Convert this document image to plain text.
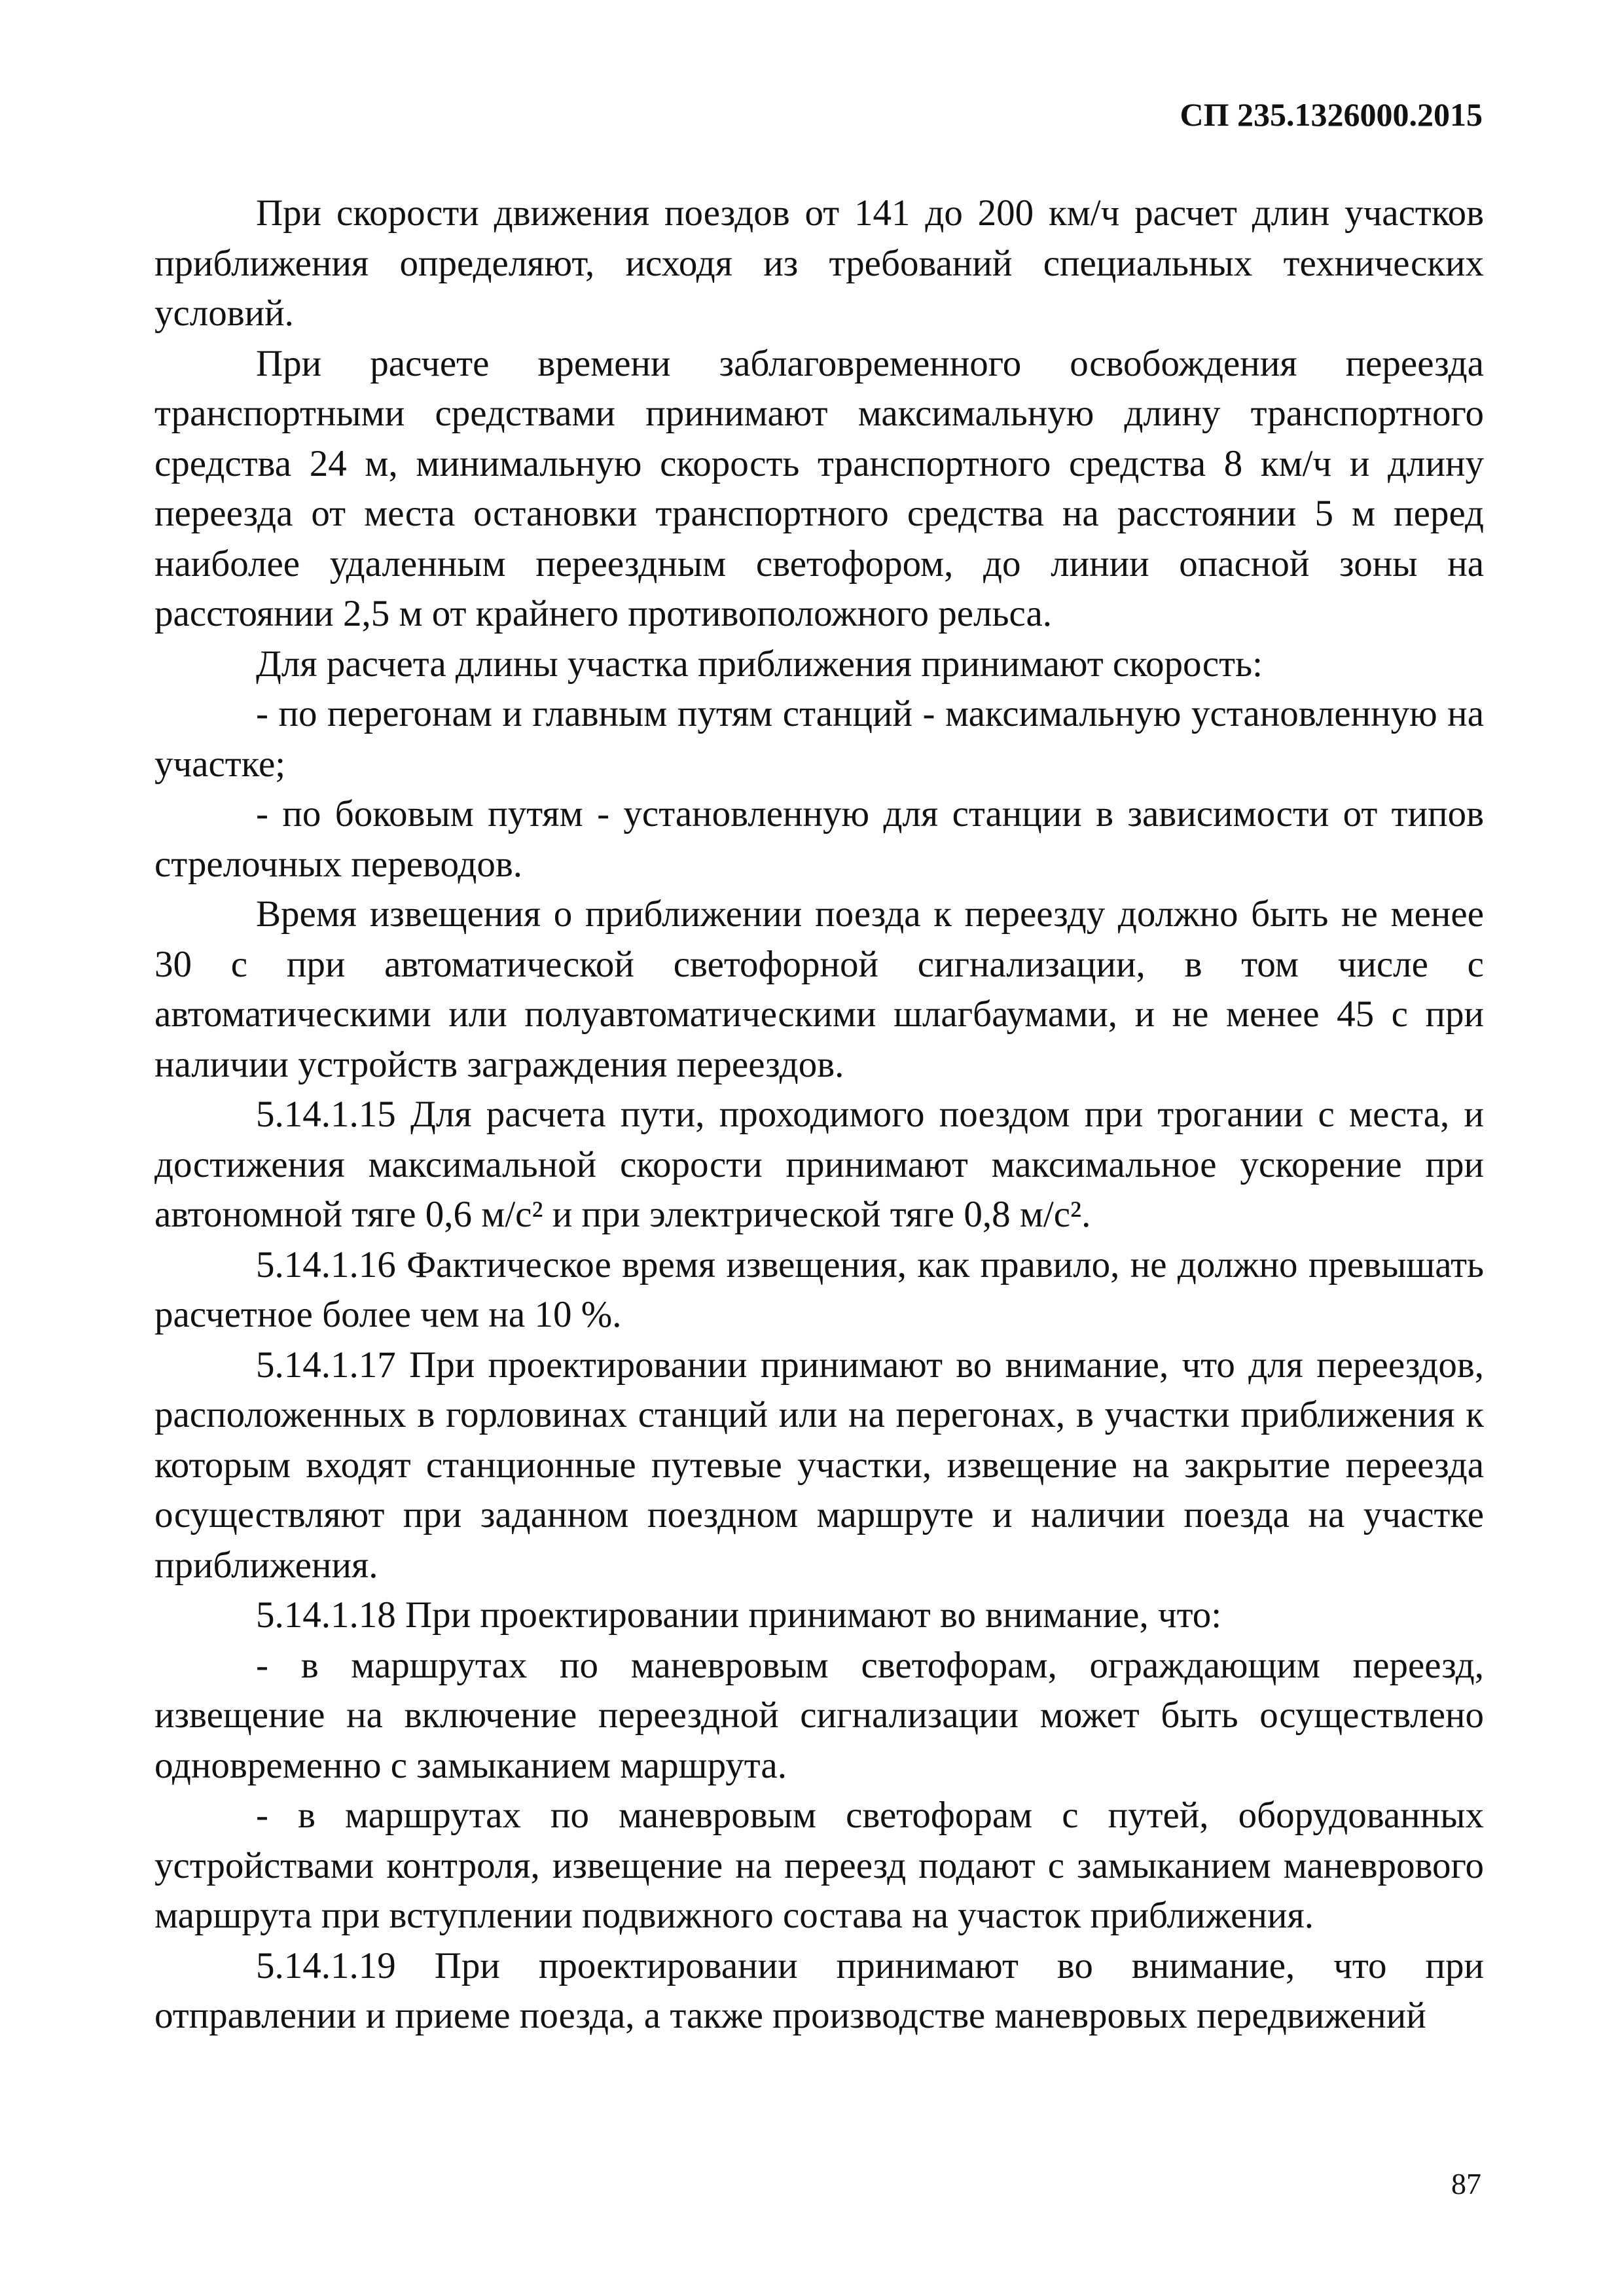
СП 235.1326000.2015

При скорости движения поездов от 141 до 200 км/ч расчет длин участков приближения определяют, исходя из требований специальных технических условий.

При расчете времени заблаговременного освобождения переезда транспортными средствами принимают максимальную длину транспортного средства 24 м, минимальную скорость транспортного средства 8 км/ч и длину переезда от места остановки транспортного средства на расстоянии 5 м перед наиболее удаленным переездным светофором, до линии опасной зоны на расстоянии 2,5 м от крайнего противоположного рельса.

Для расчета длины участка приближения принимают скорость:

- по перегонам и главным путям станций - максимальную установленную на участке;

- по боковым путям - установленную для станции в зависимости от типов стрелочных переводов.

Время извещения о приближении поезда к переезду должно быть не менее 30 с при автоматической светофорной сигнализации, в том числе с автоматическими или полуавтоматическими шлагбаумами, и не менее 45 с при наличии устройств заграждения переездов.

5.14.1.15 Для расчета пути, проходимого поездом при трогании с места, и достижения максимальной скорости принимают максимальное ускорение при автономной тяге 0,6 м/с² и при электрической тяге 0,8 м/с².

5.14.1.16 Фактическое время извещения, как правило, не должно превышать расчетное более чем на 10 %.

5.14.1.17 При проектировании принимают во внимание, что для переездов, расположенных в горловинах станций или на перегонах, в участки приближения к которым входят станционные путевые участки, извещение на закрытие переезда осуществляют при заданном поездном маршруте и наличии поезда на участке приближения.

5.14.1.18 При проектировании принимают во внимание, что:

- в маршрутах по маневровым светофорам, ограждающим переезд, извещение на включение переездной сигнализации может быть осуществлено одновременно с замыканием маршрута.

- в маршрутах по маневровым светофорам с путей, оборудованных устройствами контроля, извещение на переезд подают с замыканием маневрового маршрута при вступлении подвижного состава на участок приближения.

5.14.1.19 При проектировании принимают во внимание, что при отправлении и приеме поезда, а также производстве маневровых передвижений

87
